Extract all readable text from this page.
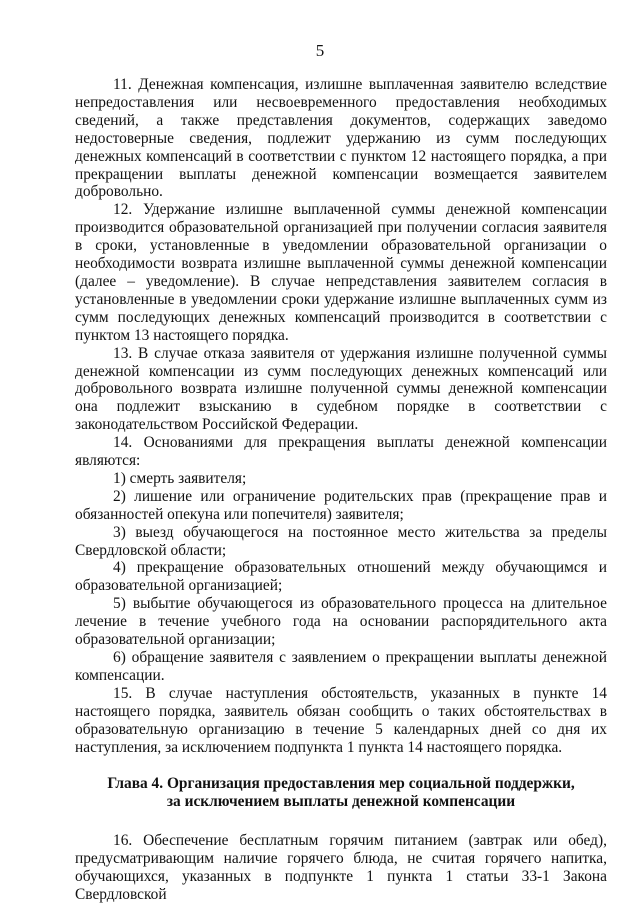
5

11. Денежная компенсация, излишне выплаченная заявителю вследствие непредоставления или несвоевременного предоставления необходимых сведений, а также представления документов, содержащих заведомо недостоверные сведения, подлежит удержанию из сумм последующих денежных компенсаций в соответствии с пунктом 12 настоящего порядка, а при прекращении выплаты денежной компенсации возмещается заявителем добровольно.

12. Удержание излишне выплаченной суммы денежной компенсации производится образовательной организацией при получении согласия заявителя в сроки, установленные в уведомлении образовательной организации о необходимости возврата излишне выплаченной суммы денежной компенсации (далее – уведомление). В случае непредставления заявителем согласия в установленные в уведомлении сроки удержание излишне выплаченных сумм из сумм последующих денежных компенсаций производится в соответствии с пунктом 13 настоящего порядка.

13. В случае отказа заявителя от удержания излишне полученной суммы денежной компенсации из сумм последующих денежных компенсаций или добровольного возврата излишне полученной суммы денежной компенсации она подлежит взысканию в судебном порядке в соответствии с законодательством Российской Федерации.

14. Основаниями для прекращения выплаты денежной компенсации являются:

1) смерть заявителя;

2) лишение или ограничение родительских прав (прекращение прав и обязанностей опекуна или попечителя) заявителя;

3) выезд обучающегося на постоянное место жительства за пределы Свердловской области;

4) прекращение образовательных отношений между обучающимся и образовательной организацией;

5) выбытие обучающегося из образовательного процесса на длительное лечение в течение учебного года на основании распорядительного акта образовательной организации;

6) обращение заявителя с заявлением о прекращении выплаты денежной компенсации.

15. В случае наступления обстоятельств, указанных в пункте 14 настоящего порядка, заявитель обязан сообщить о таких обстоятельствах в образовательную организацию в течение 5 календарных дней со дня их наступления, за исключением подпункта 1 пункта 14 настоящего порядка.

Глава 4. Организация предоставления мер социальной поддержки,
за исключением выплаты денежной компенсации

16. Обеспечение бесплатным горячим питанием (завтрак или обед), предусматривающим наличие горячего блюда, не считая горячего напитка, обучающихся, указанных в подпункте 1 пункта 1 статьи 33-1 Закона Свердловской
